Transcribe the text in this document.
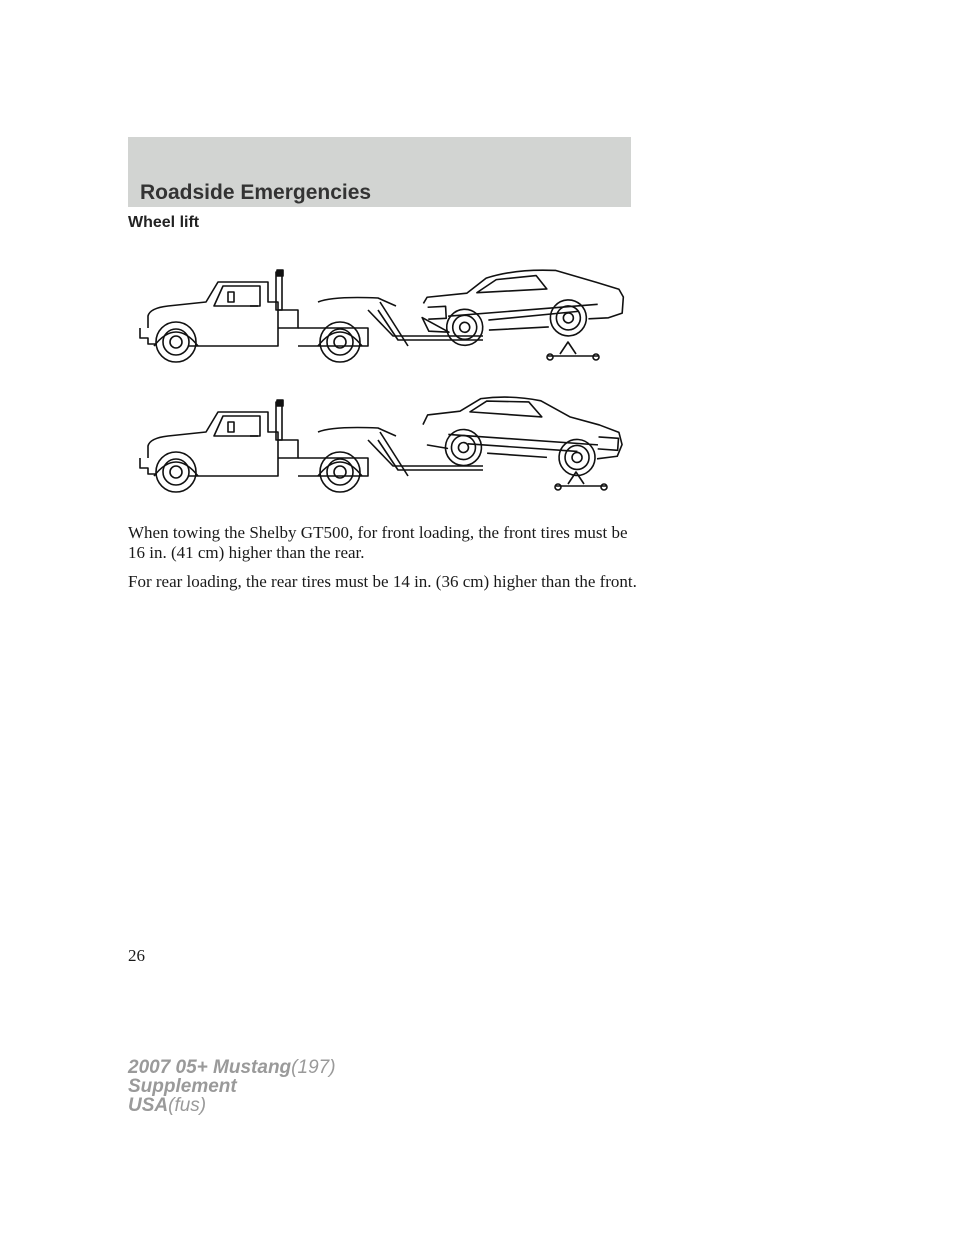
Roadside Emergencies
Wheel lift
When towing the Shelby GT500, for front loading, the front tires must be 16 in. (41 cm) higher than the rear.
For rear loading, the rear tires must be 14 in. (36 cm) higher than the front.
26
2007 05+ Mustang(197)
Supplement
USA(fus)
